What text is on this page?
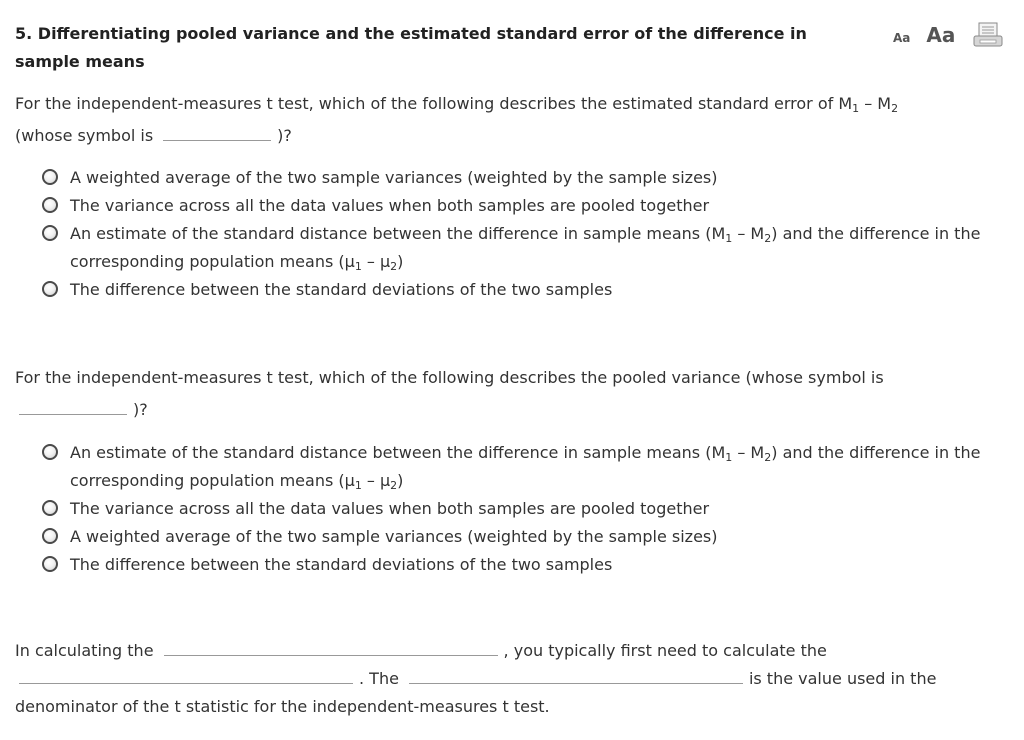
5. Differentiating pooled variance and the estimated standard error of the difference in sample means

Aa Aa
For the independent-measures t test, which of the following describes the estimated standard error of $M_1 - M_2$
(whose symbol is	)?
A weighted average of the two sample variances (weighted by the sample sizes)
The variance across all the data values when both samples are pooled together
An estimate of the standard distance between the difference in sample means $(M_1 - M_2)$ and the difference in the corresponding population means $(\mu_1 - \mu_2)$
The difference between the standard deviations of the two samples
For the independent-measures t test, which of the following describes the pooled variance (whose symbol is
)?
An estimate of the standard distance between the difference in sample means $(M_1 - M_2)$ and the difference in the corresponding population means $(\mu_1 - \mu_2)$
The variance across all the data values when both samples are pooled together
A weighted average of the two sample variances (weighted by the sample sizes)
The difference between the standard deviations of the two samples
In calculating the	, you typically first need to calculate the
. The	is the value used in the denominator of the t statistic for the independent-measures t test.
